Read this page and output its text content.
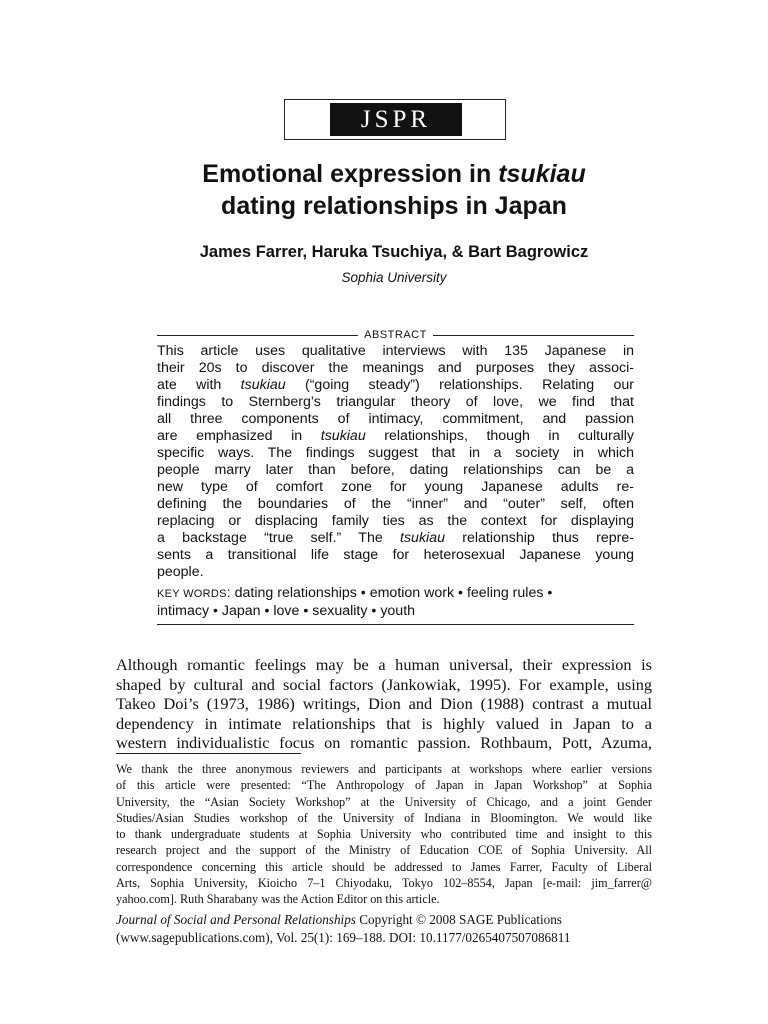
JSPR
Emotional expression in tsukiau
dating relationships in Japan
James Farrer, Haruka Tsuchiya, & Bart Bagrowicz
Sophia University
ABSTRACT
This article uses qualitative interviews with 135 Japanese in
their 20s to discover the meanings and purposes they associ-
ate with tsukiau (“going steady”) relationships. Relating our
findings to Sternberg’s triangular theory of love, we find that
all three components of intimacy, commitment, and passion
are emphasized in tsukiau relationships, though in culturally
specific ways. The findings suggest that in a society in which
people marry later than before, dating relationships can be a
new type of comfort zone for young Japanese adults re-
defining the boundaries of the “inner” and “outer” self, often
replacing or displacing family ties as the context for displaying
a backstage “true self.” The tsukiau relationship thus repre-
sents a transitional life stage for heterosexual Japanese young
people.
KEY WORDS: dating relationships • emotion work • feeling rules •
intimacy • Japan • love • sexuality • youth
Although romantic feelings may be a human universal, their expression is
shaped by cultural and social factors (Jankowiak, 1995). For example, using
Takeo Doi’s (1973, 1986) writings, Dion and Dion (1988) contrast a mutual
dependency in intimate relationships that is highly valued in Japan to a
western individualistic focus on romantic passion. Rothbaum, Pott, Azuma,
We thank the three anonymous reviewers and participants at workshops where earlier versions
of this article were presented: “The Anthropology of Japan in Japan Workshop” at Sophia
University, the “Asian Society Workshop” at the University of Chicago, and a joint Gender
Studies/Asian Studies workshop of the University of Indiana in Bloomington. We would like
to thank undergraduate students at Sophia University who contributed time and insight to this
research project and the support of the Ministry of Education COE of Sophia University. All
correspondence concerning this article should be addressed to James Farrer, Faculty of Liberal
Arts, Sophia University, Kioicho 7–1 Chiyodaku, Tokyo 102–8554, Japan [e-mail: jim_farrer@
yahoo.com]. Ruth Sharabany was the Action Editor on this article.
Journal of Social and Personal Relationships Copyright © 2008 SAGE Publications
(www.sagepublications.com), Vol. 25(1): 169–188. DOI: 10.1177/0265407507086811
